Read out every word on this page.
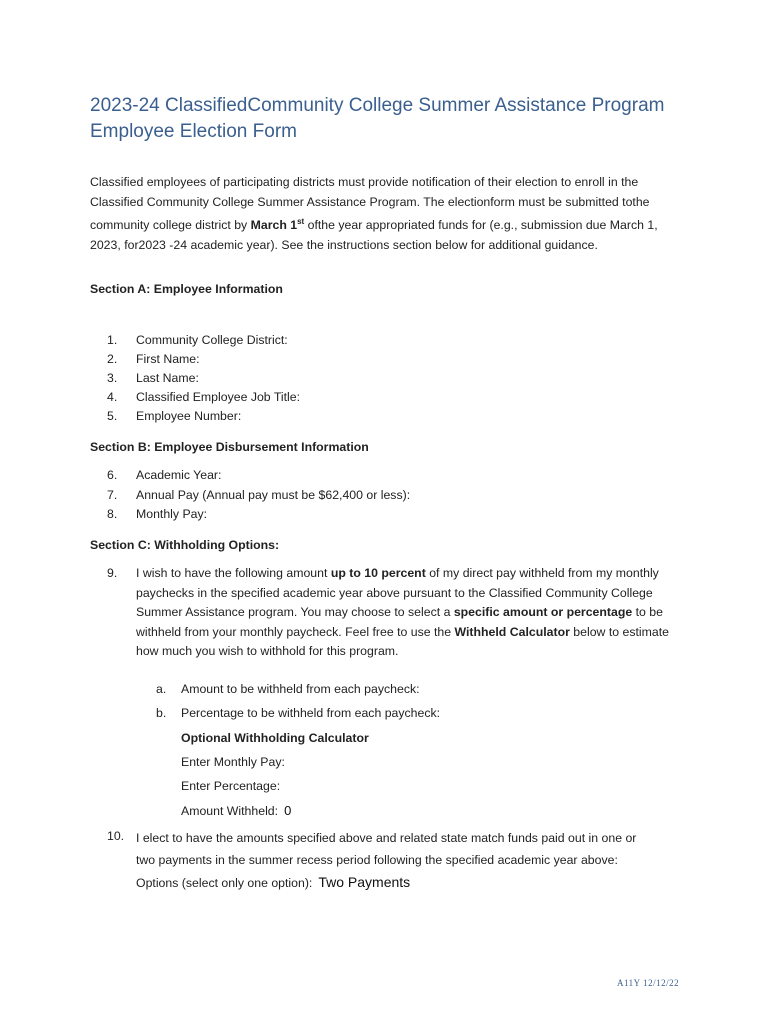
2023-24 ClassifiedCommunity College Summer Assistance Program
Employee Election Form
Classified employees of participating districts must provide notification of their election to enroll in the Classified Community College Summer Assistance Program. The electionform must be submitted tothe community college district by March 1st ofthe year appropriated funds for (e.g., submission due March 1, 2023, for2023 -24 academic year). See the instructions section below for additional guidance.
Section A: Employee Information
1. Community College District:
2. First Name:
3. Last Name:
4. Classified Employee Job Title:
5. Employee Number:
Section B: Employee Disbursement Information
6. Academic Year:
7. Annual Pay (Annual pay must be $62,400 or less):
8. Monthly Pay:
Section C: Withholding Options:
9.	I wish to have the following amount up to 10 percent of my direct pay withheld from my monthly paychecks in the specified academic year above pursuant to the Classified Community College Summer Assistance program. You may choose to select a specific amount or percentage to be withheld from your monthly paycheck. Feel free to use the Withheld Calculator below to estimate how much you wish to withhold for this program.
a. Amount to be withheld from each paycheck:
b. Percentage to be withheld from each paycheck:
Optional Withholding Calculator
Enter Monthly Pay:
Enter Percentage:
Amount Withheld: 0
10. I elect to have the amounts specified above and related state match funds paid out in one or
two payments in the summer recess period following the specified academic year above:
Options (select only one option): Two Payments
A11Y 12/12/22
